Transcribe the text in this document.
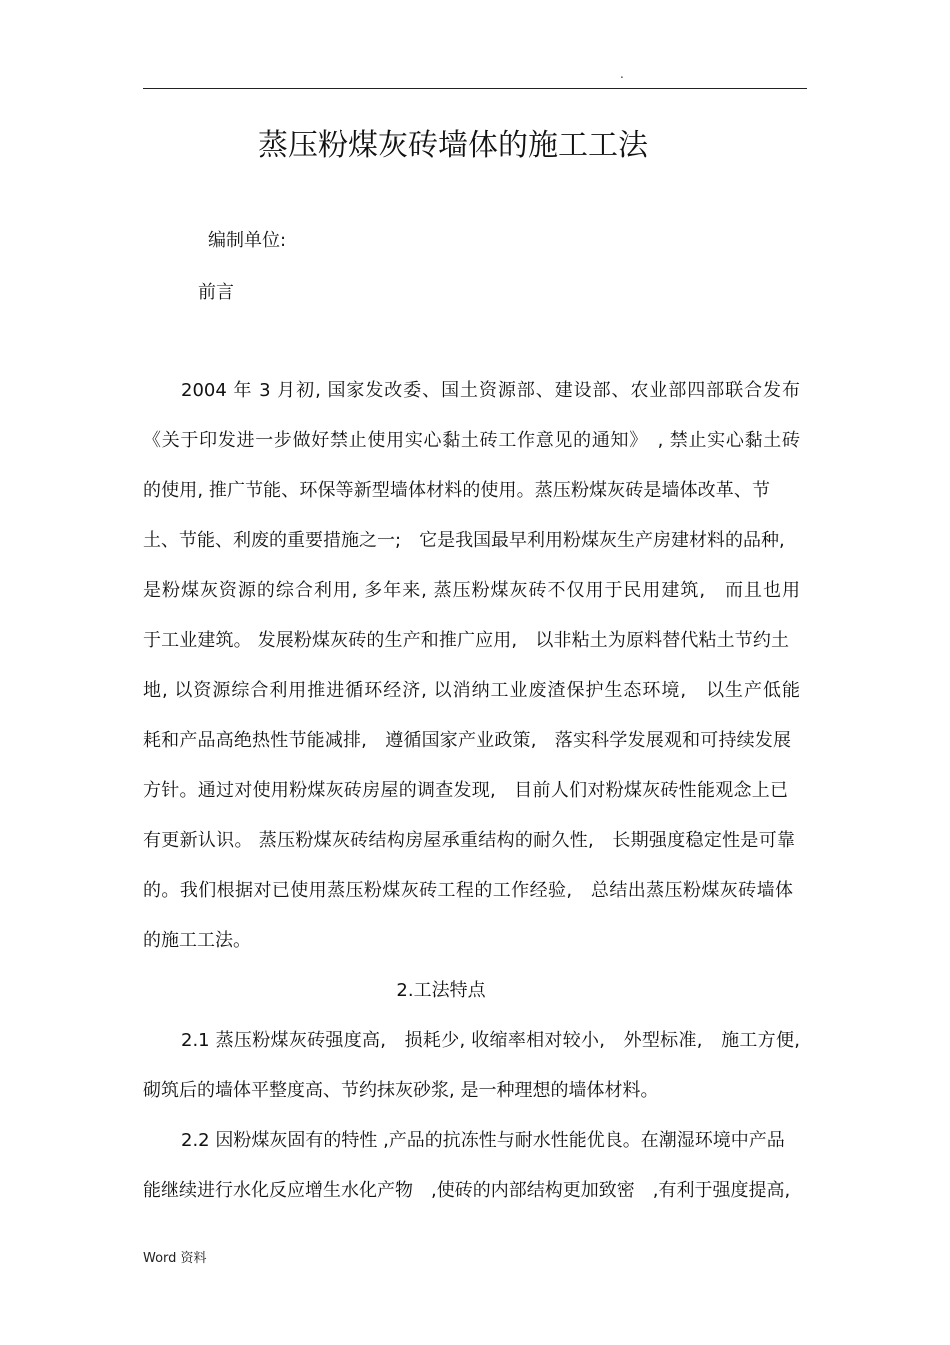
.
蒸压粉煤灰砖墙体的施工工法
编制单位:
前言
2004 年 3 月初, 国家发改委、国土资源部、建设部、农业部四部联合发布
《关于印发进一步做好禁止使用实心黏土砖工作意见的通知》　, 禁止实心黏土砖
的使用, 推广节能、环保等新型墙体材料的使用。蒸压粉煤灰砖是墙体改革、节
土、节能、利废的重要措施之一;　它是我国最早利用粉煤灰生产房建材料的品种,
是粉煤灰资源的综合利用, 多年来, 蒸压粉煤灰砖不仅用于民用建筑,　而且也用
于工业建筑。 发展粉煤灰砖的生产和推广应用,　以非粘土为原料替代粘土节约土
地, 以资源综合利用推进循环经济, 以消纳工业废渣保护生态环境,　以生产低能
耗和产品高绝热性节能减排,　遵循国家产业政策,　落实科学发展观和可持续发展
方针。通过对使用粉煤灰砖房屋的调查发现,　目前人们对粉煤灰砖性能观念上已
有更新认识。 蒸压粉煤灰砖结构房屋承重结构的耐久性,　长期强度稳定性是可靠
的。我们根据对已使用蒸压粉煤灰砖工程的工作经验,　总结出蒸压粉煤灰砖墙体
的施工工法。
2.工法特点
2.1 蒸压粉煤灰砖强度高,　损耗少, 收缩率相对较小,　外型标准,　施工方便,
砌筑后的墙体平整度高、节约抹灰砂浆, 是一种理想的墙体材料。
2.2 因粉煤灰固有的特性 ,产品的抗冻性与耐水性能优良。在潮湿环境中产品
能继续进行水化反应增生水化产物　,使砖的内部结构更加致密　,有利于强度提高,
Word 资料
